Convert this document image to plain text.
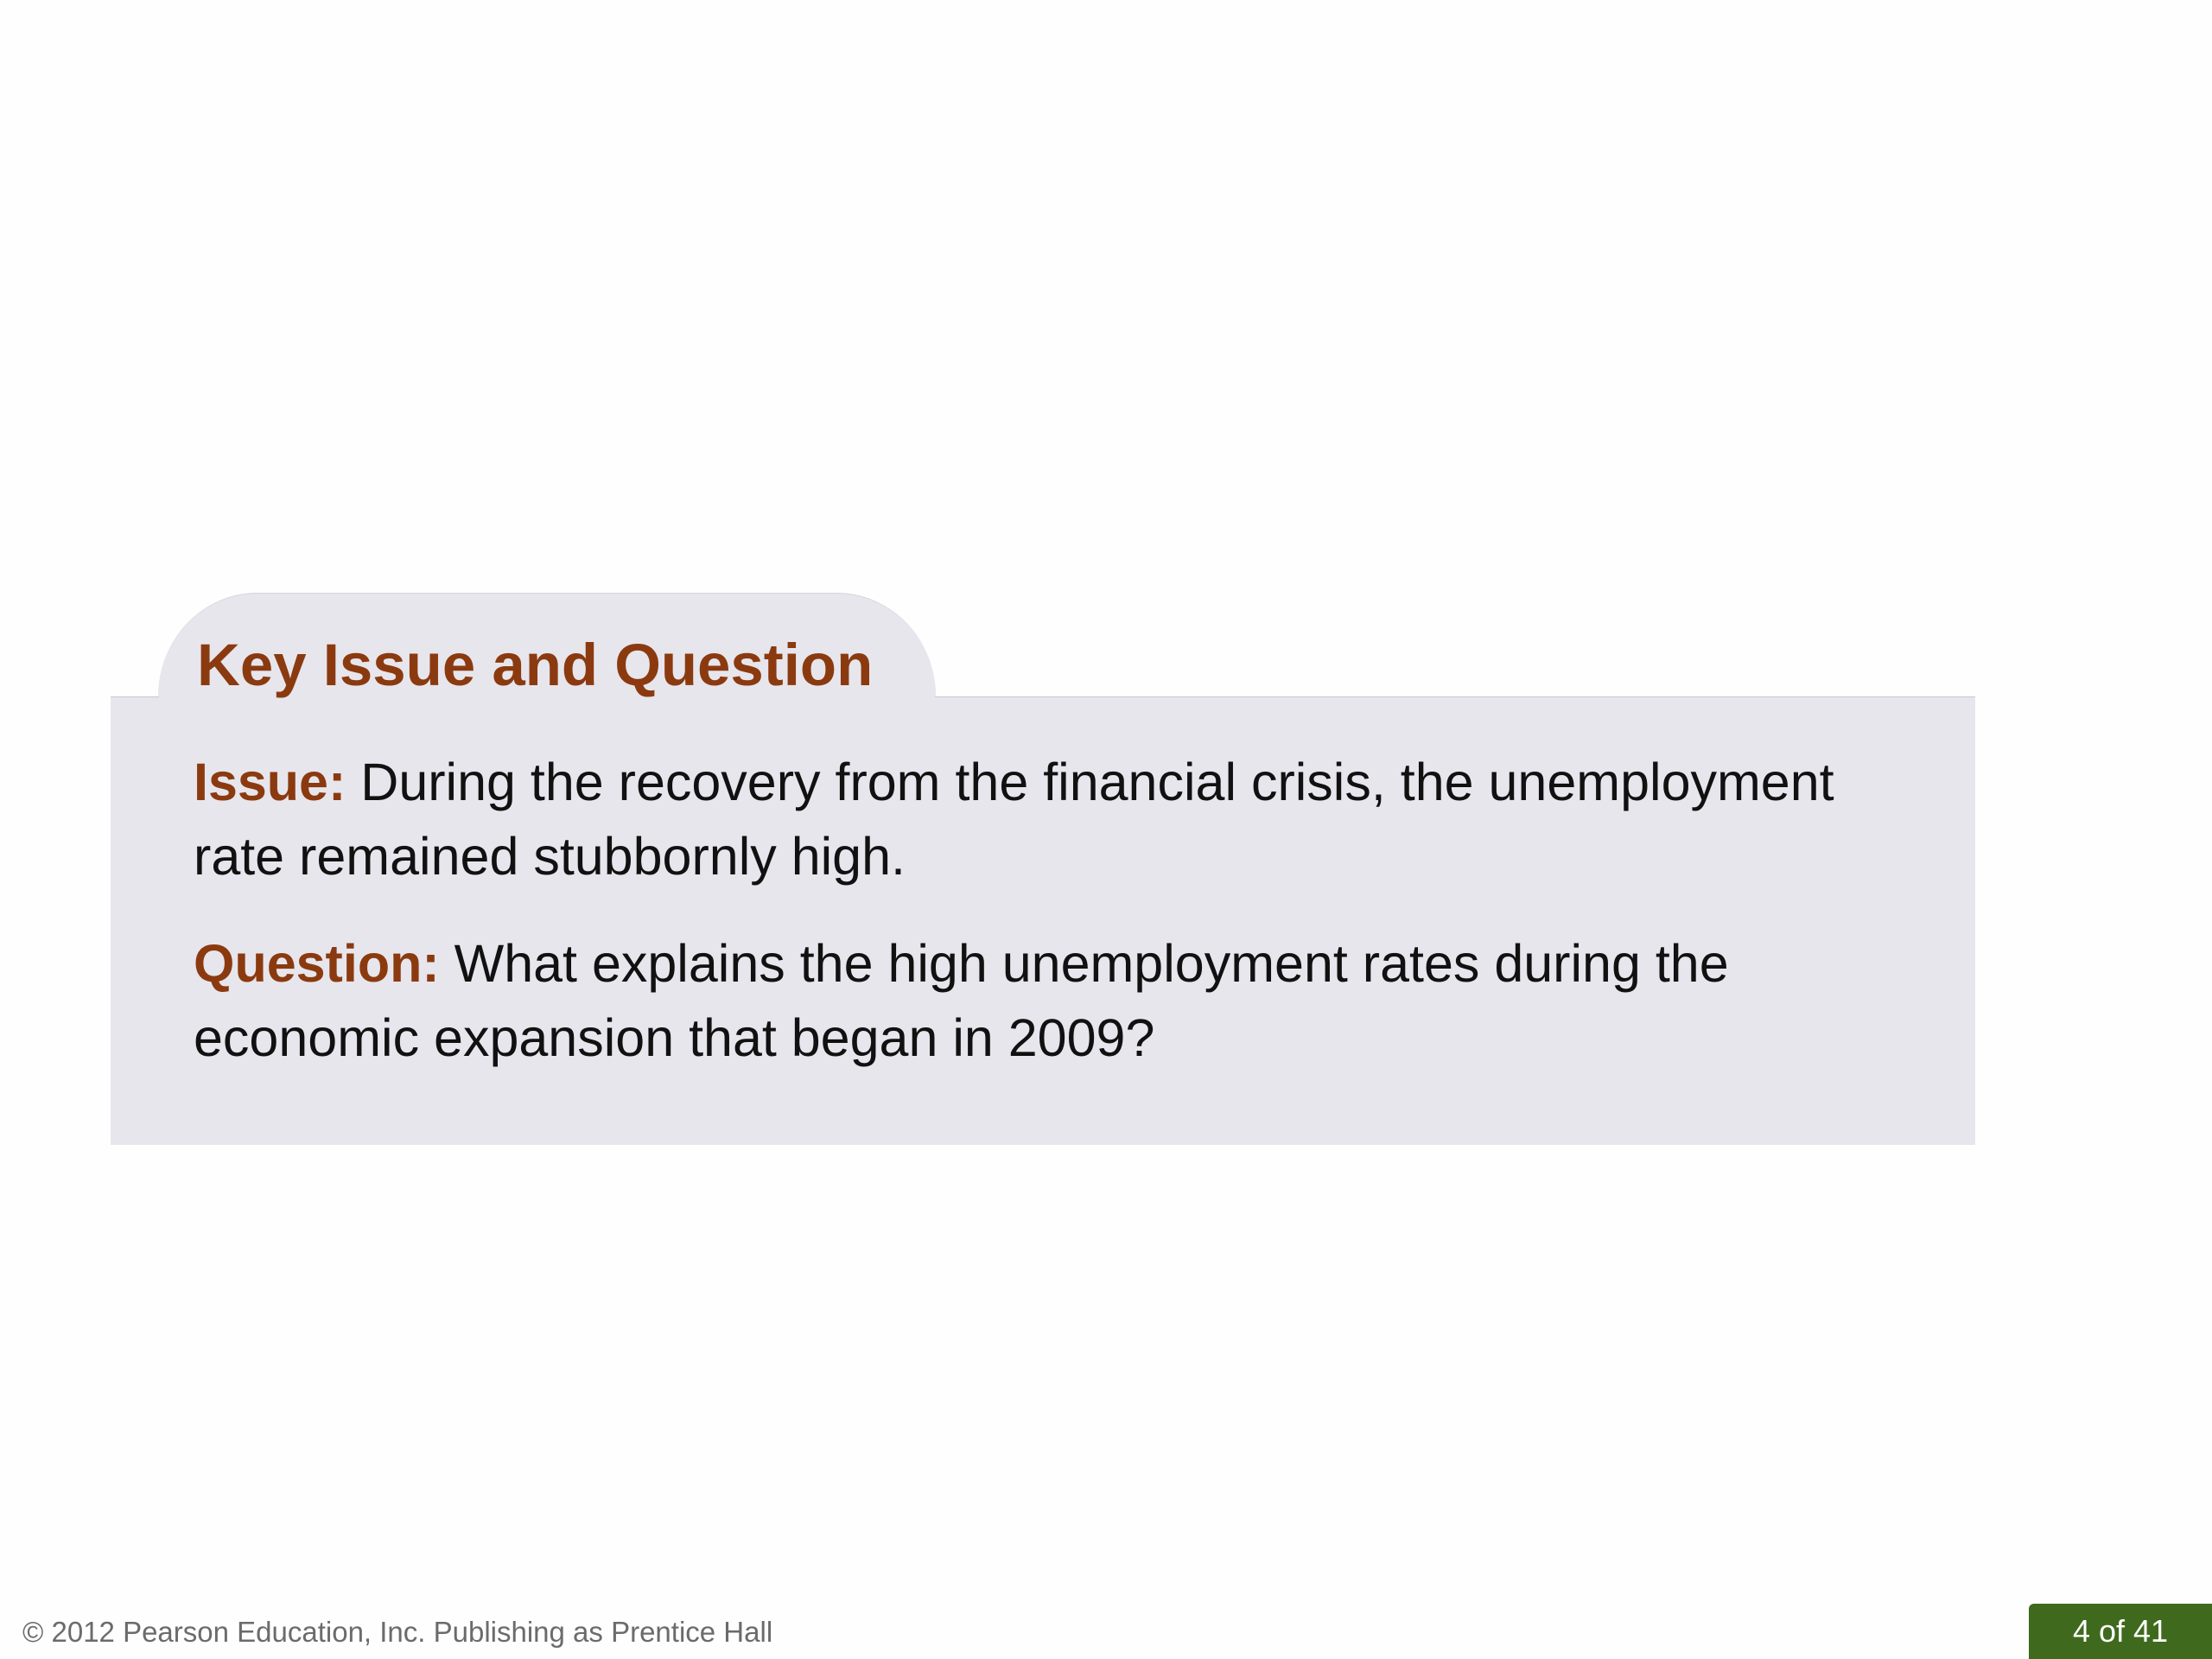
Key Issue and Question

Issue: During the recovery from the financial crisis, the unemployment rate remained stubbornly high.

Question: What explains the high unemployment rates during the economic expansion that began in 2009?

© 2012 Pearson Education, Inc. Publishing as Prentice Hall	4 of 41
